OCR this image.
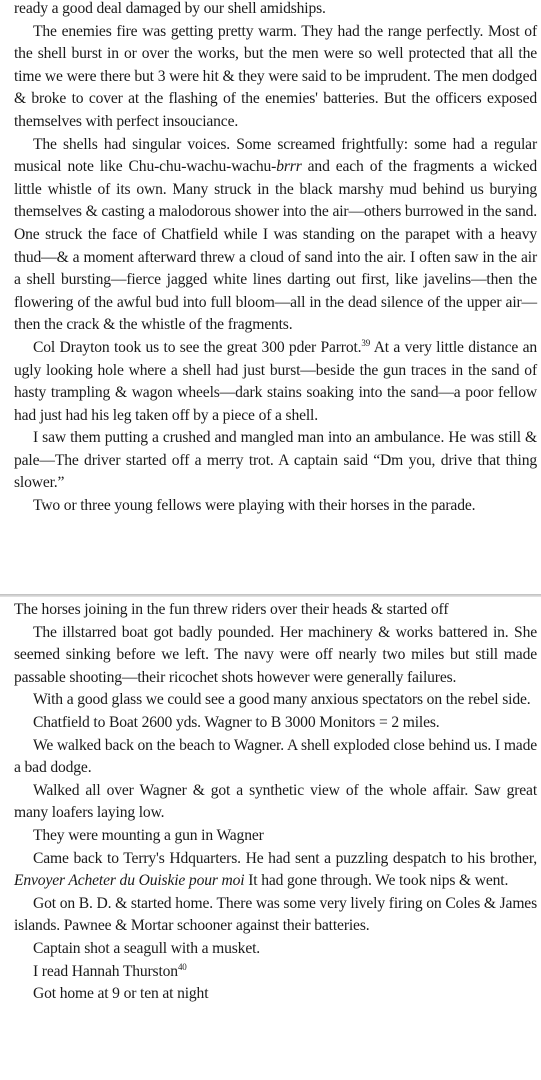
ready a good deal damaged by our shell amidships.

The enemies fire was getting pretty warm. They had the range perfectly. Most of the shell burst in or over the works, but the men were so well protected that all the time we were there but 3 were hit & they were said to be imprudent. The men dodged & broke to cover at the flashing of the enemies' batteries. But the officers exposed themselves with perfect insouciance.

The shells had singular voices. Some screamed frightfully: some had a regular musical note like Chu-chu-wachu-wachu-brrr and each of the fragments a wicked little whistle of its own. Many struck in the black marshy mud behind us burying themselves & casting a malodorous shower into the air—others burrowed in the sand. One struck the face of Chatfield while I was standing on the parapet with a heavy thud—& a moment afterward threw a cloud of sand into the air. I often saw in the air a shell bursting—fierce jagged white lines darting out first, like javelins—then the flowering of the awful bud into full bloom—all in the dead silence of the upper air—then the crack & the whistle of the fragments.

Col Drayton took us to see the great 300 pder Parrot.$^{39}$ At a very little distance an ugly looking hole where a shell had just burst—beside the gun traces in the sand of hasty trampling & wagon wheels—dark stains soaking into the sand—a poor fellow had just had his leg taken off by a piece of a shell.

I saw them putting a crushed and mangled man into an ambulance. He was still & pale—The driver started off a merry trot. A captain said “Dm you, drive that thing slower.”

Two or three young fellows were playing with their horses in the parade.

The horses joining in the fun threw riders over their heads & started off

The illstarred boat got badly pounded. Her machinery & works battered in. She seemed sinking before we left. The navy were off nearly two miles but still made passable shooting—their ricochet shots however were generally failures.

With a good glass we could see a good many anxious spectators on the rebel side.

Chatfield to Boat 2600 yds. Wagner to B 3000 Monitors = 2 miles.

We walked back on the beach to Wagner. A shell exploded close behind us. I made a bad dodge.

Walked all over Wagner & got a synthetic view of the whole affair. Saw great many loafers laying low.

They were mounting a gun in Wagner

Came back to Terry's Hdquarters. He had sent a puzzling despatch to his brother, Envoyer Acheter du Ouiskie pour moi It had gone through. We took nips & went.

Got on B. D. & started home. There was some very lively firing on Coles & James islands. Pawnee & Mortar schooner against their batteries.

Captain shot a seagull with a musket.

I read Hannah Thurston$^{40}$

Got home at 9 or ten at night
